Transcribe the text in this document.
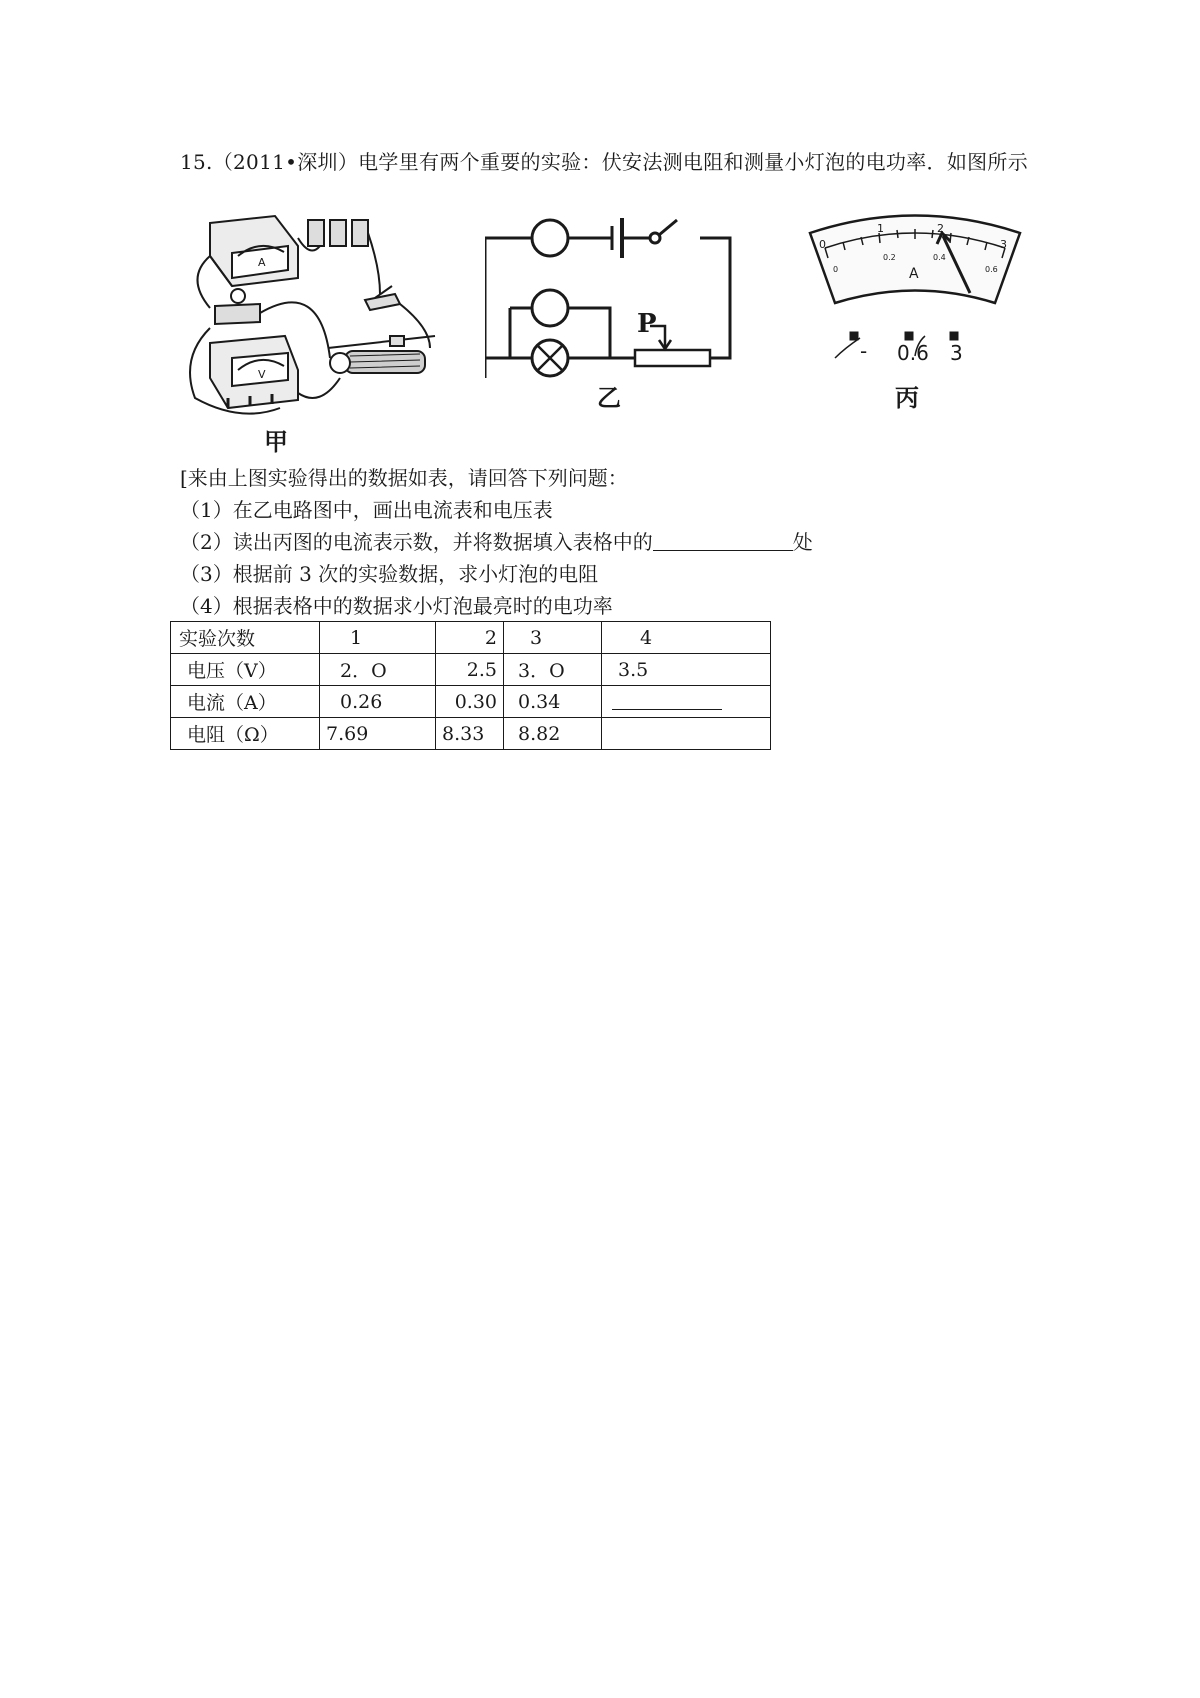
15.（2011•深圳）电学里有两个重要的实验：伏安法测电阻和测量小灯泡的电功率．如图所示
A
V
甲
P
乙
0
1	2
3
0
0.2	0.4
0.6
A
- 0.6 3
丙
[来由上图实验得出的数据如表，请回答下列问题：
（1）在乙电路图中，画出电流表和电压表
（2）读出丙图的电流表示数，并将数据填入表格中的	处
（3）根据前 3 次的实验数据，求小灯泡的电阻
（4）根据表格中的数据求小灯泡最亮时的电功率
实验次数	1	2	3	4
电压（V）	2．O	2.5	3．O	3.5
电流（A）	0.26	0.30	0.34	
电阻（Ω）	7.69	8.33	8.82	
